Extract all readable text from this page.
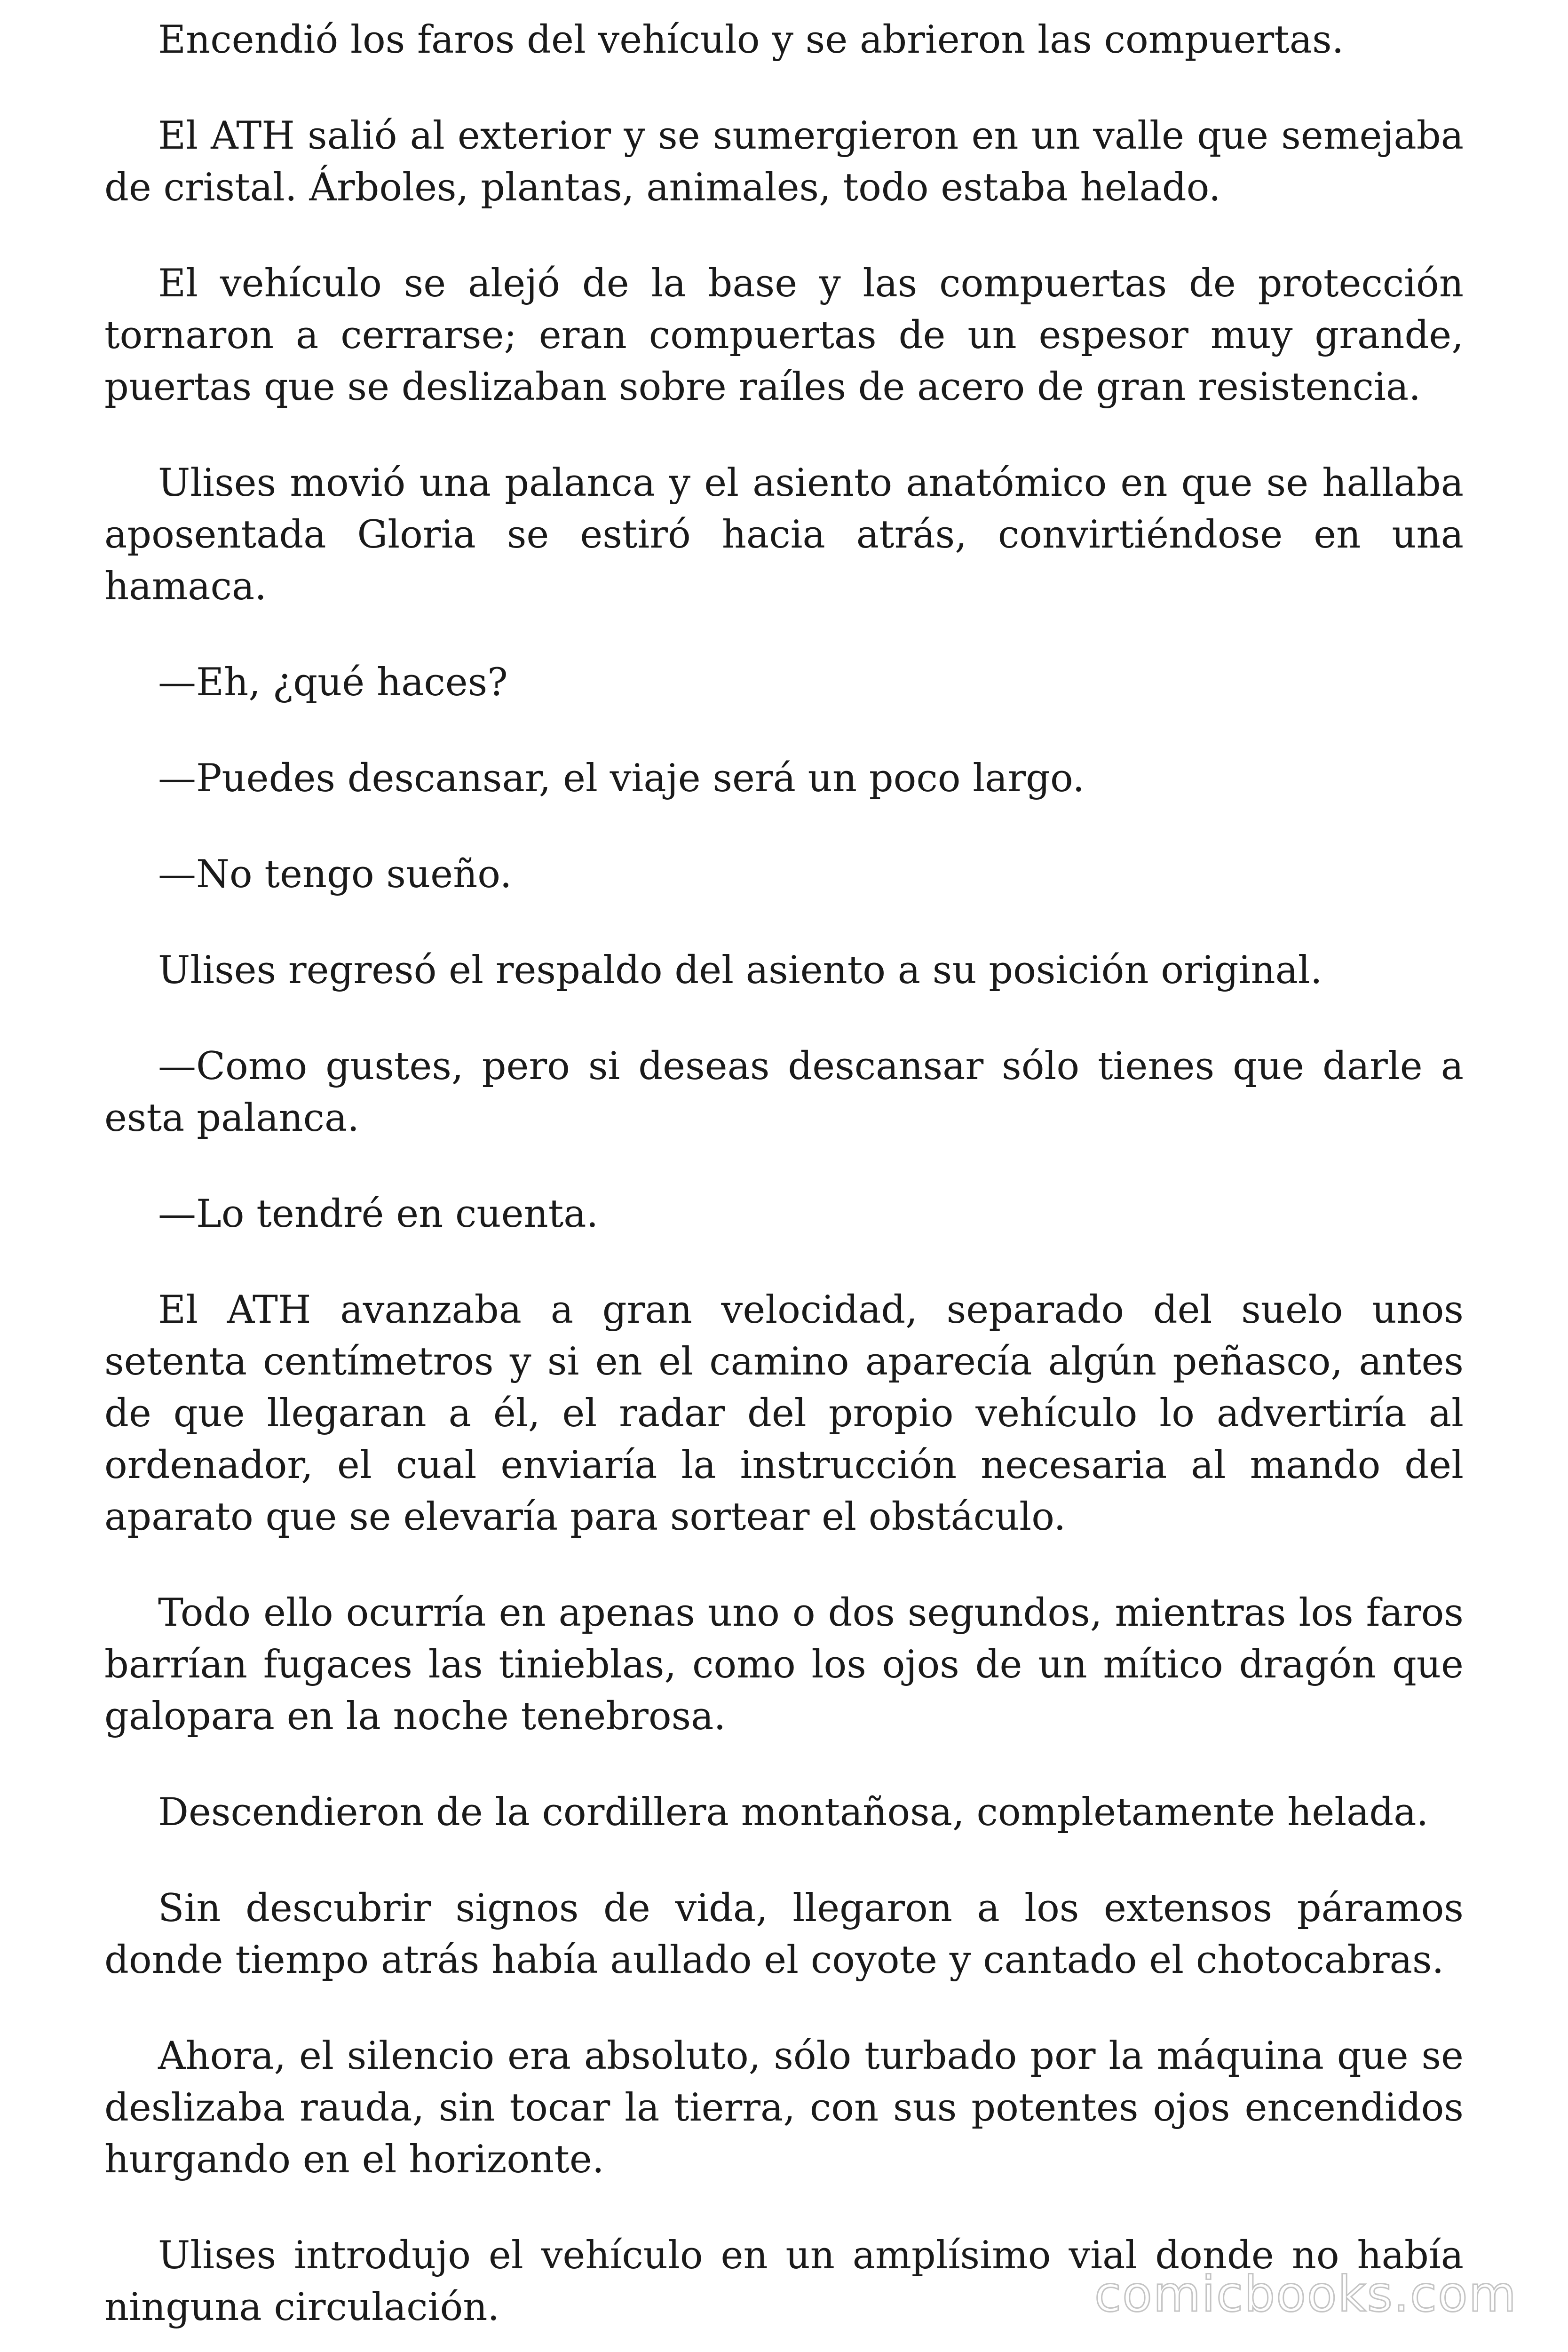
Encendió los faros del vehículo y se abrieron las compuertas.

El ATH salió al exterior y se sumergieron en un valle que semejaba de cristal. Árboles, plantas, animales, todo estaba helado.

El vehículo se alejó de la base y las compuertas de protección tornaron a cerrarse; eran compuertas de un espesor muy grande, puertas que se deslizaban sobre raíles de acero de gran resistencia.

Ulises movió una palanca y el asiento anatómico en que se hallaba aposentada Gloria se estiró hacia atrás, convirtiéndose en una hamaca.

—Eh, ¿qué haces?

—Puedes descansar, el viaje será un poco largo.

—No tengo sueño.

Ulises regresó el respaldo del asiento a su posición original.

—Como gustes, pero si deseas descansar sólo tienes que darle a esta palanca.

—Lo tendré en cuenta.

El ATH avanzaba a gran velocidad, separado del suelo unos setenta centímetros y si en el camino aparecía algún peñasco, antes de que llegaran a él, el radar del propio vehículo lo advertiría al ordenador, el cual enviaría la instrucción necesaria al mando del aparato que se elevaría para sortear el obstáculo.

Todo ello ocurría en apenas uno o dos segundos, mientras los faros barrían fugaces las tinieblas, como los ojos de un mítico dragón que galopara en la noche tenebrosa.

Descendieron de la cordillera montañosa, completamente helada.

Sin descubrir signos de vida, llegaron a los extensos páramos donde tiempo atrás había aullado el coyote y cantado el chotocabras.

Ahora, el silencio era absoluto, sólo turbado por la máquina que se deslizaba rauda, sin tocar la tierra, con sus potentes ojos encendidos hurgando en el horizonte.

Ulises introdujo el vehículo en un amplísimo vial donde no había ninguna circulación.	comicbooks.com
